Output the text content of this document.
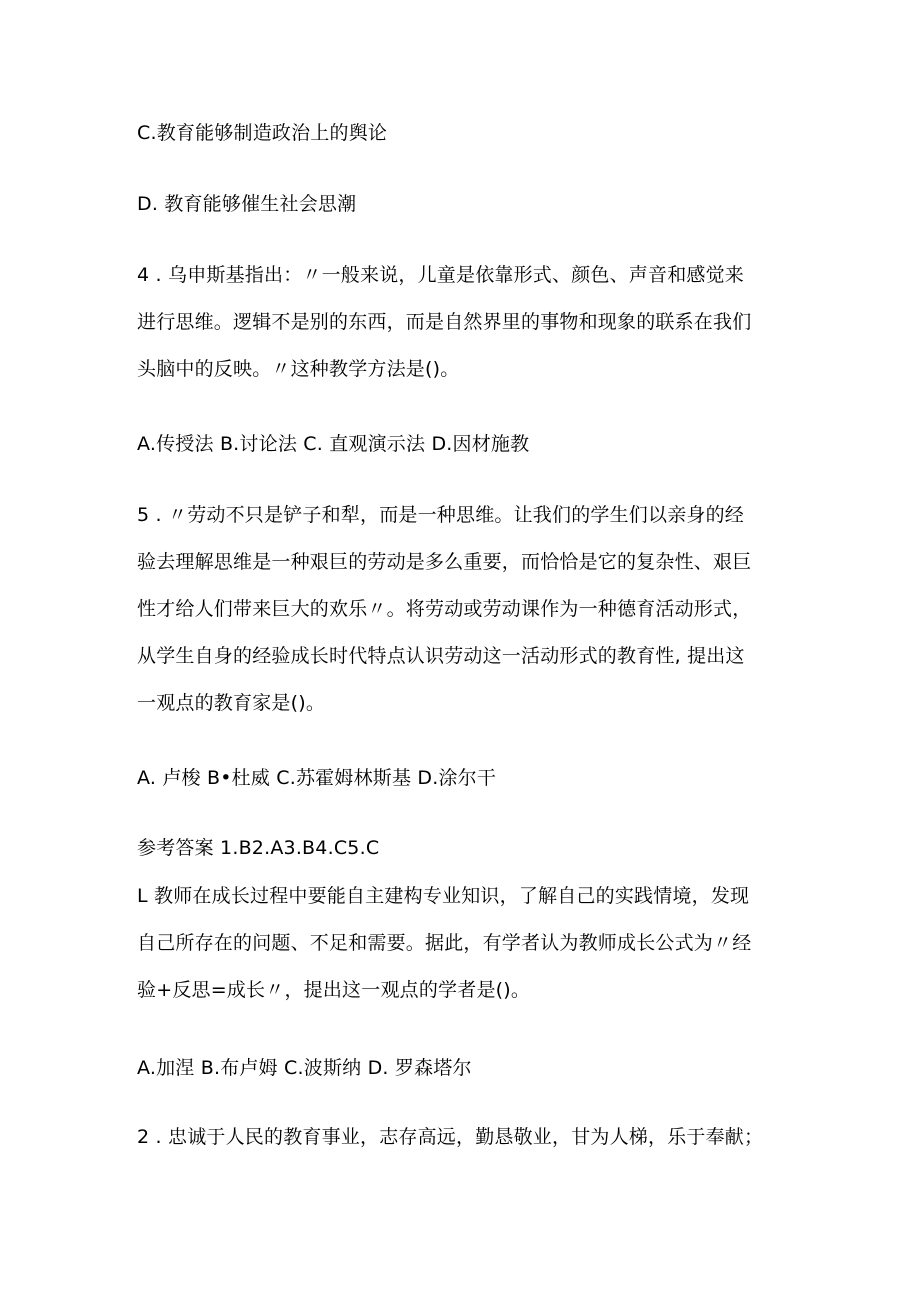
C.教育能够制造政治上的舆论

D. 教育能够催生社会思潮

4 . 乌申斯基指出：〃一般来说，儿童是依靠形式、颜色、声音和感觉来
进行思维。逻辑不是别的东西，而是自然界里的事物和现象的联系在我们
头脑中的反映。〃这种教学方法是()。

A.传授法 B.讨论法 C. 直观演示法 D.因材施教

5 . 〃劳动不只是铲子和犁，而是一种思维。让我们的学生们以亲身的经
验去理解思维是一种艰巨的劳动是多么重要，而恰恰是它的复杂性、艰巨
性才给人们带来巨大的欢乐〃。将劳动或劳动课作为一种德育活动形式，
从学生自身的经验成长时代特点认识劳动这一活动形式的教育性, 提出这
一观点的教育家是()。

A. 卢梭 B•杜威 C.苏霍姆林斯基 D.涂尔干

参考答案 1.B2.A3.B4.C5.C

L 教师在成长过程中要能自主建构专业知识，了解自己的实践情境，发现
自己所存在的问题、不足和需要。据此，有学者认为教师成长公式为〃经
验+反思=成长〃，提出这一观点的学者是()。

A.加涅 B.布卢姆 C.波斯纳 D. 罗森塔尔

2 . 忠诚于人民的教育事业，志存高远，勤恳敬业，甘为人梯，乐于奉献；
